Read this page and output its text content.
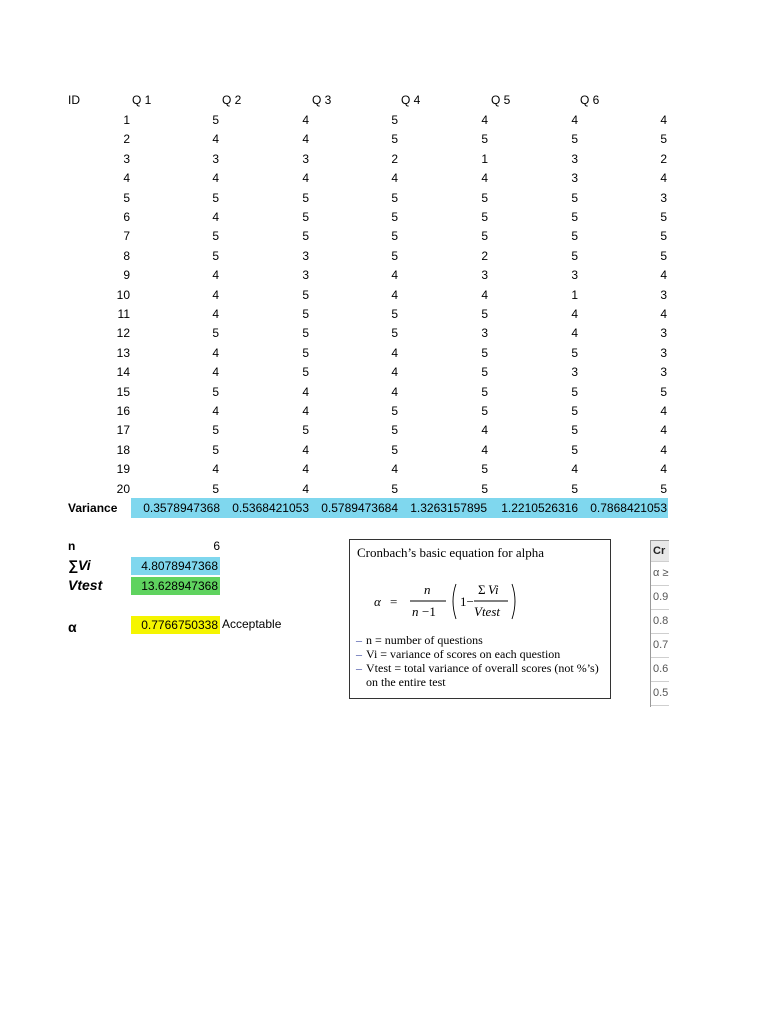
ID	Q 1	Q 2	Q 3	Q 4	Q 5	Q 6
1	5	4	5	4	4	4
2	4	4	5	5	5	5
3	3	3	2	1	3	2
4	4	4	4	4	3	4
5	5	5	5	5	5	3
6	4	5	5	5	5	5
7	5	5	5	5	5	5
8	5	3	5	2	5	5
9	4	3	4	3	3	4
10	4	5	4	4	1	3
11	4	5	5	5	4	4
12	5	5	5	3	4	3
13	4	5	4	5	5	3
14	4	5	4	5	3	3
15	5	4	4	5	5	5
16	4	4	5	5	5	4
17	5	5	5	4	5	4
18	5	4	5	4	5	4
19	4	4	4	5	4	4
20	5	4	5	5	5	5
Variance	0.3578947368	0.5368421053	0.5789473684	1.3263157895	1.2210526316	0.7868421053
n	6
∑Vi	4.8078947368
Vtest	13.628947368
α	0.7766750338 Acceptable
Cronbach’s basic equation for alpha
α =
n
n −1
1−
Σ Vi
Vtest
– n = number of questions
– Vi = variance of scores on each question
– Vtest = total variance of overall scores (not %’s) on the entire test
Cr
α ≥
0.9
0.8
0.7
0.6
0.5
